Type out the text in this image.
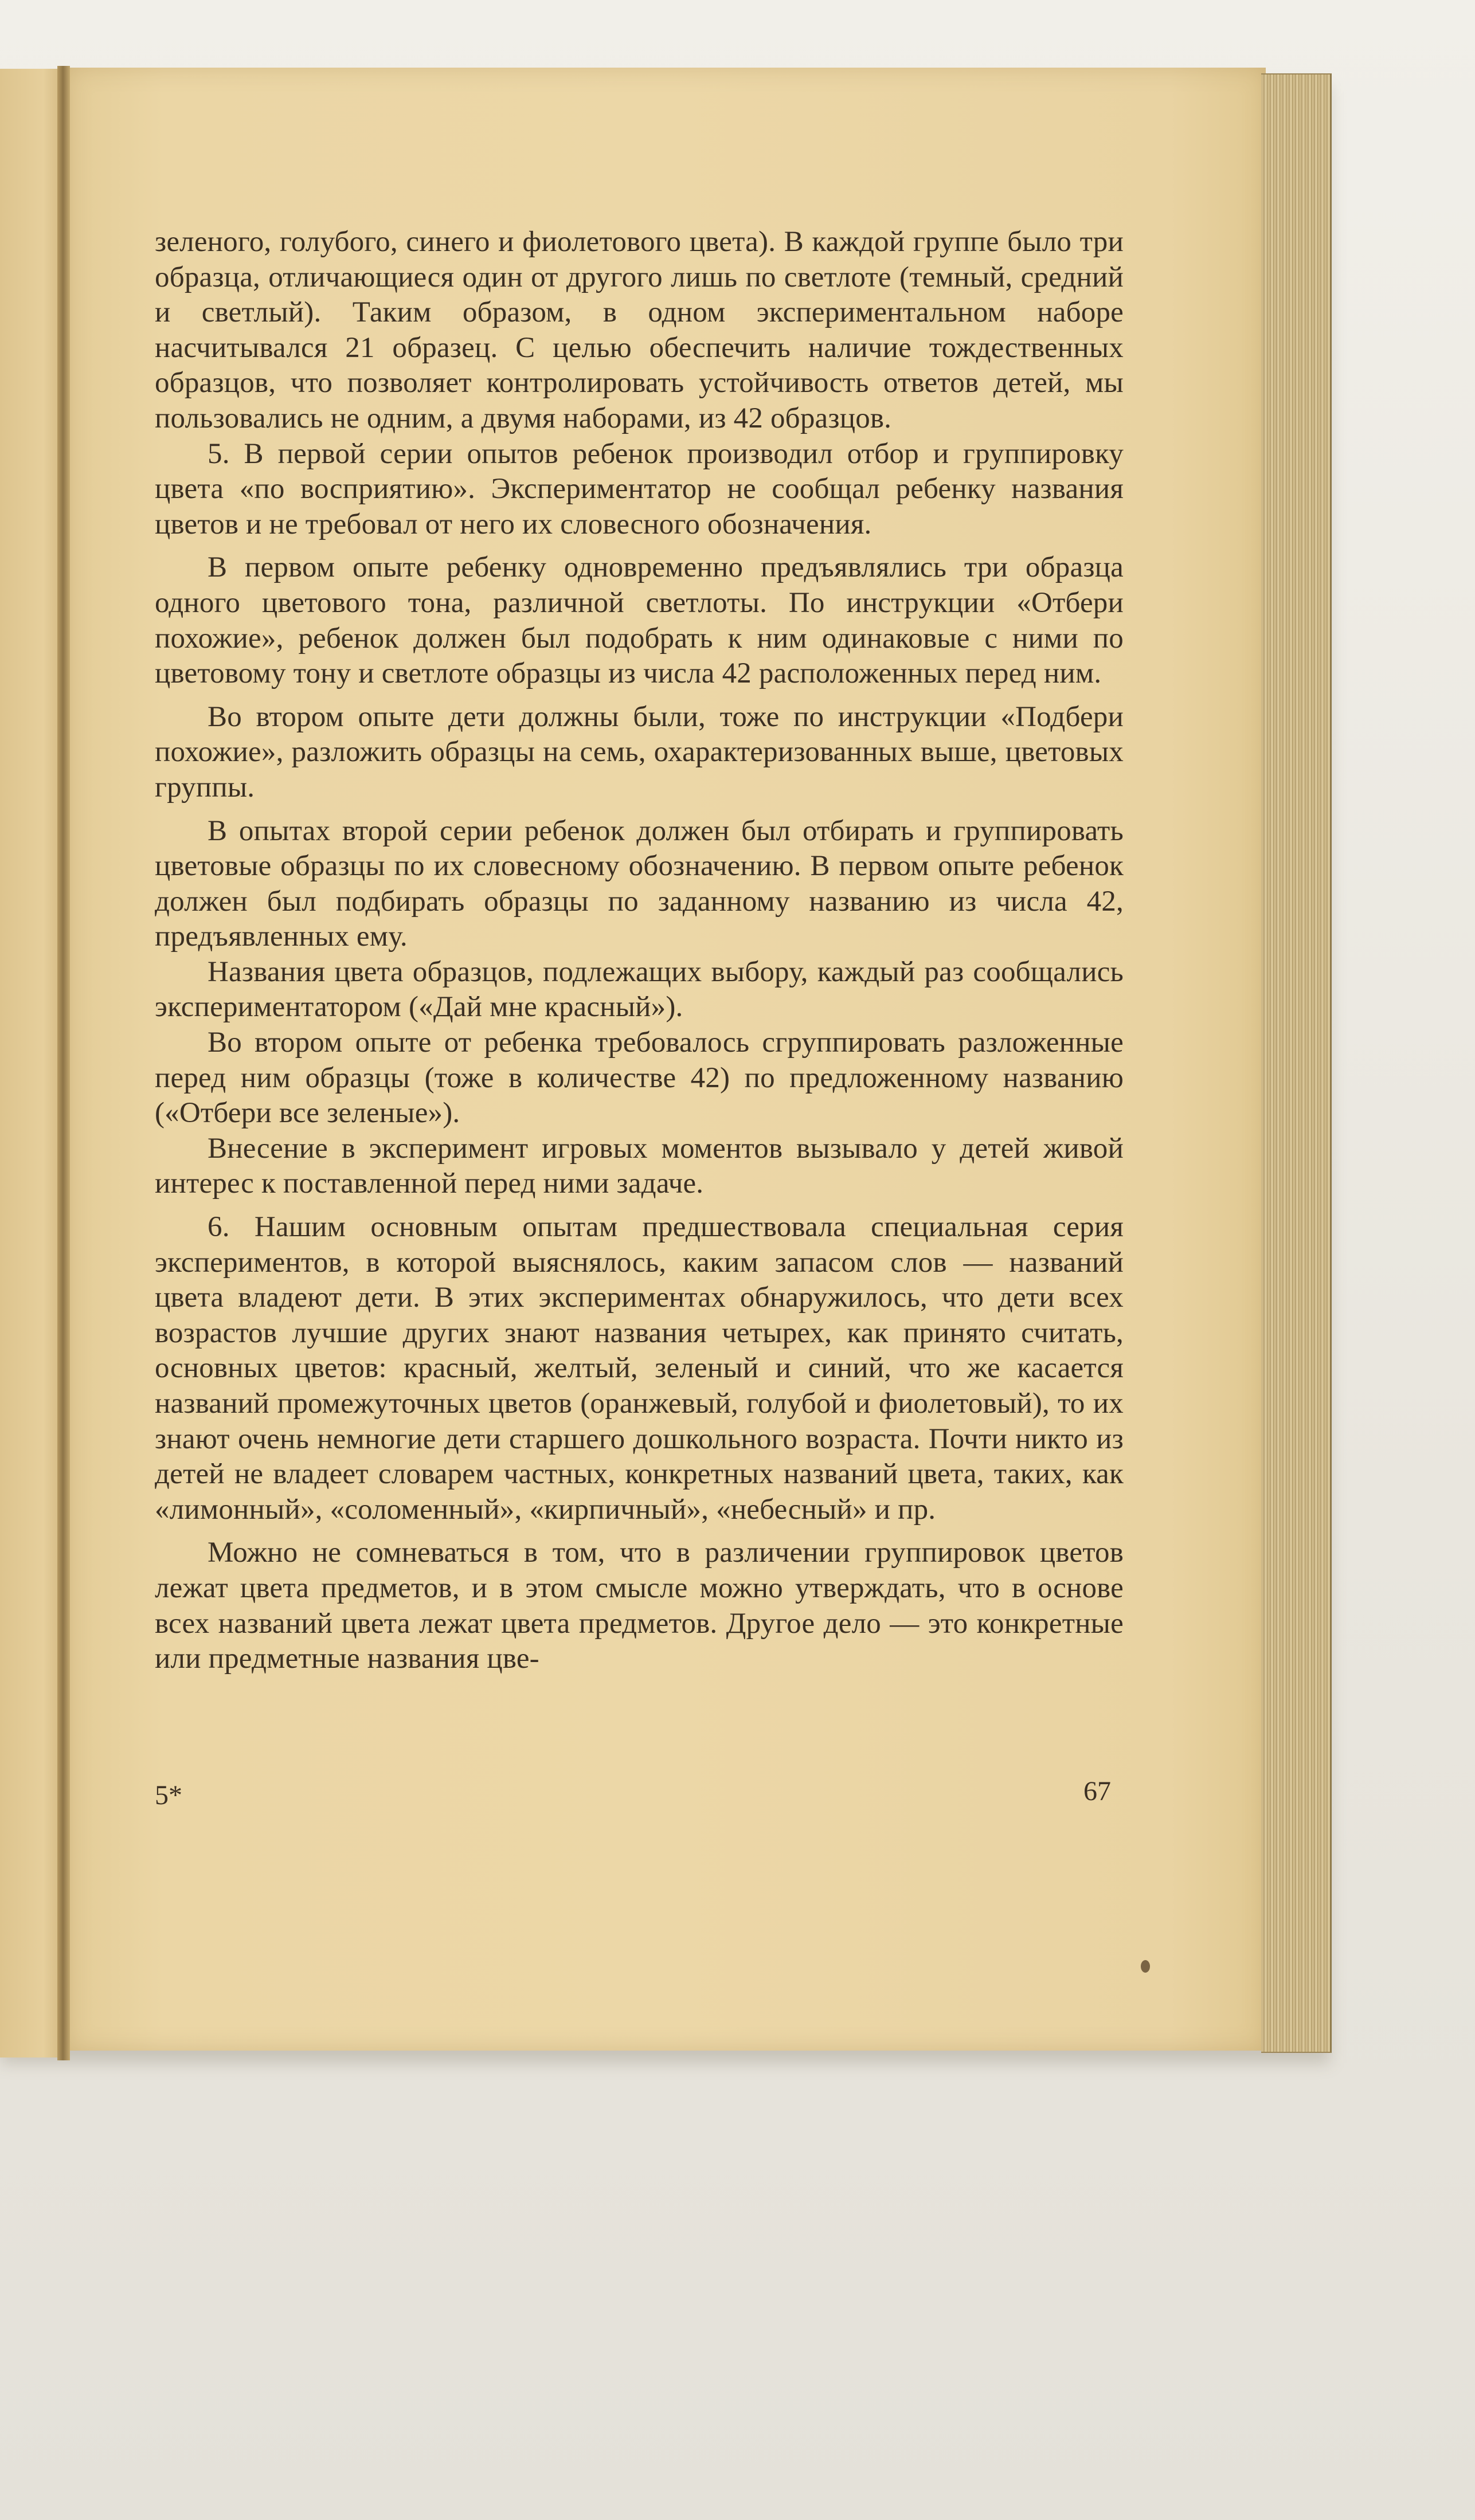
зеленого, голубого, синего и фиолетового цвета). В каждой группе было три образца, отличающиеся один от другого лишь по светлоте (темный, средний и светлый). Таким образом, в одном экспериментальном наборе насчитывался 21 образец. С целью обеспечить наличие тождественных образцов, что позволяет контролировать устойчивость ответов детей, мы пользовались не одним, а двумя наборами, из 42 образцов.

5. В первой серии опытов ребенок производил отбор и группировку цвета «по восприятию». Экспериментатор не сообщал ребенку названия цветов и не требовал от него их словесного обозначения.

В первом опыте ребенку одновременно предъявлялись три образца одного цветового тона, различной светлоты. По инструкции «Отбери похожие», ребенок должен был подобрать к ним одинаковые с ними по цветовому тону и светлоте образцы из числа 42 расположенных перед ним.

Во втором опыте дети должны были, тоже по инструкции «Подбери похожие», разложить образцы на семь, охарактеризованных выше, цветовых группы.

В опытах второй серии ребенок должен был отбирать и группировать цветовые образцы по их словесному обозначению. В первом опыте ребенок должен был подбирать образцы по заданному названию из числа 42, предъявленных ему.

Названия цвета образцов, подлежащих выбору, каждый раз сообщались экспериментатором («Дай мне красный»).

Во втором опыте от ребенка требовалось сгруппировать разложенные перед ним образцы (тоже в количестве 42) по предложенному названию («Отбери все зеленые»).

Внесение в эксперимент игровых моментов вызывало у детей живой интерес к поставленной перед ними задаче.

6. Нашим основным опытам предшествовала специальная серия экспериментов, в которой выяснялось, каким запасом слов — названий цвета владеют дети. В этих экспериментах обнаружилось, что дети всех возрастов лучшие других знают названия четырех, как принято считать, основных цветов: красный, желтый, зеленый и синий, что же касается названий промежуточных цветов (оранжевый, голубой и фиолетовый), то их знают очень немногие дети старшего дошкольного возраста. Почти никто из детей не владеет словарем частных, конкретных названий цвета, таких, как «лимонный», «соломенный», «кирпичный», «небесный» и пр.

Можно не сомневаться в том, что в различении группировок цветов лежат цвета предметов, и в этом смысле можно утверждать, что в основе всех названий цвета лежат цвета предметов. Другое дело — это конкретные или предметные названия цве-

5*	67
